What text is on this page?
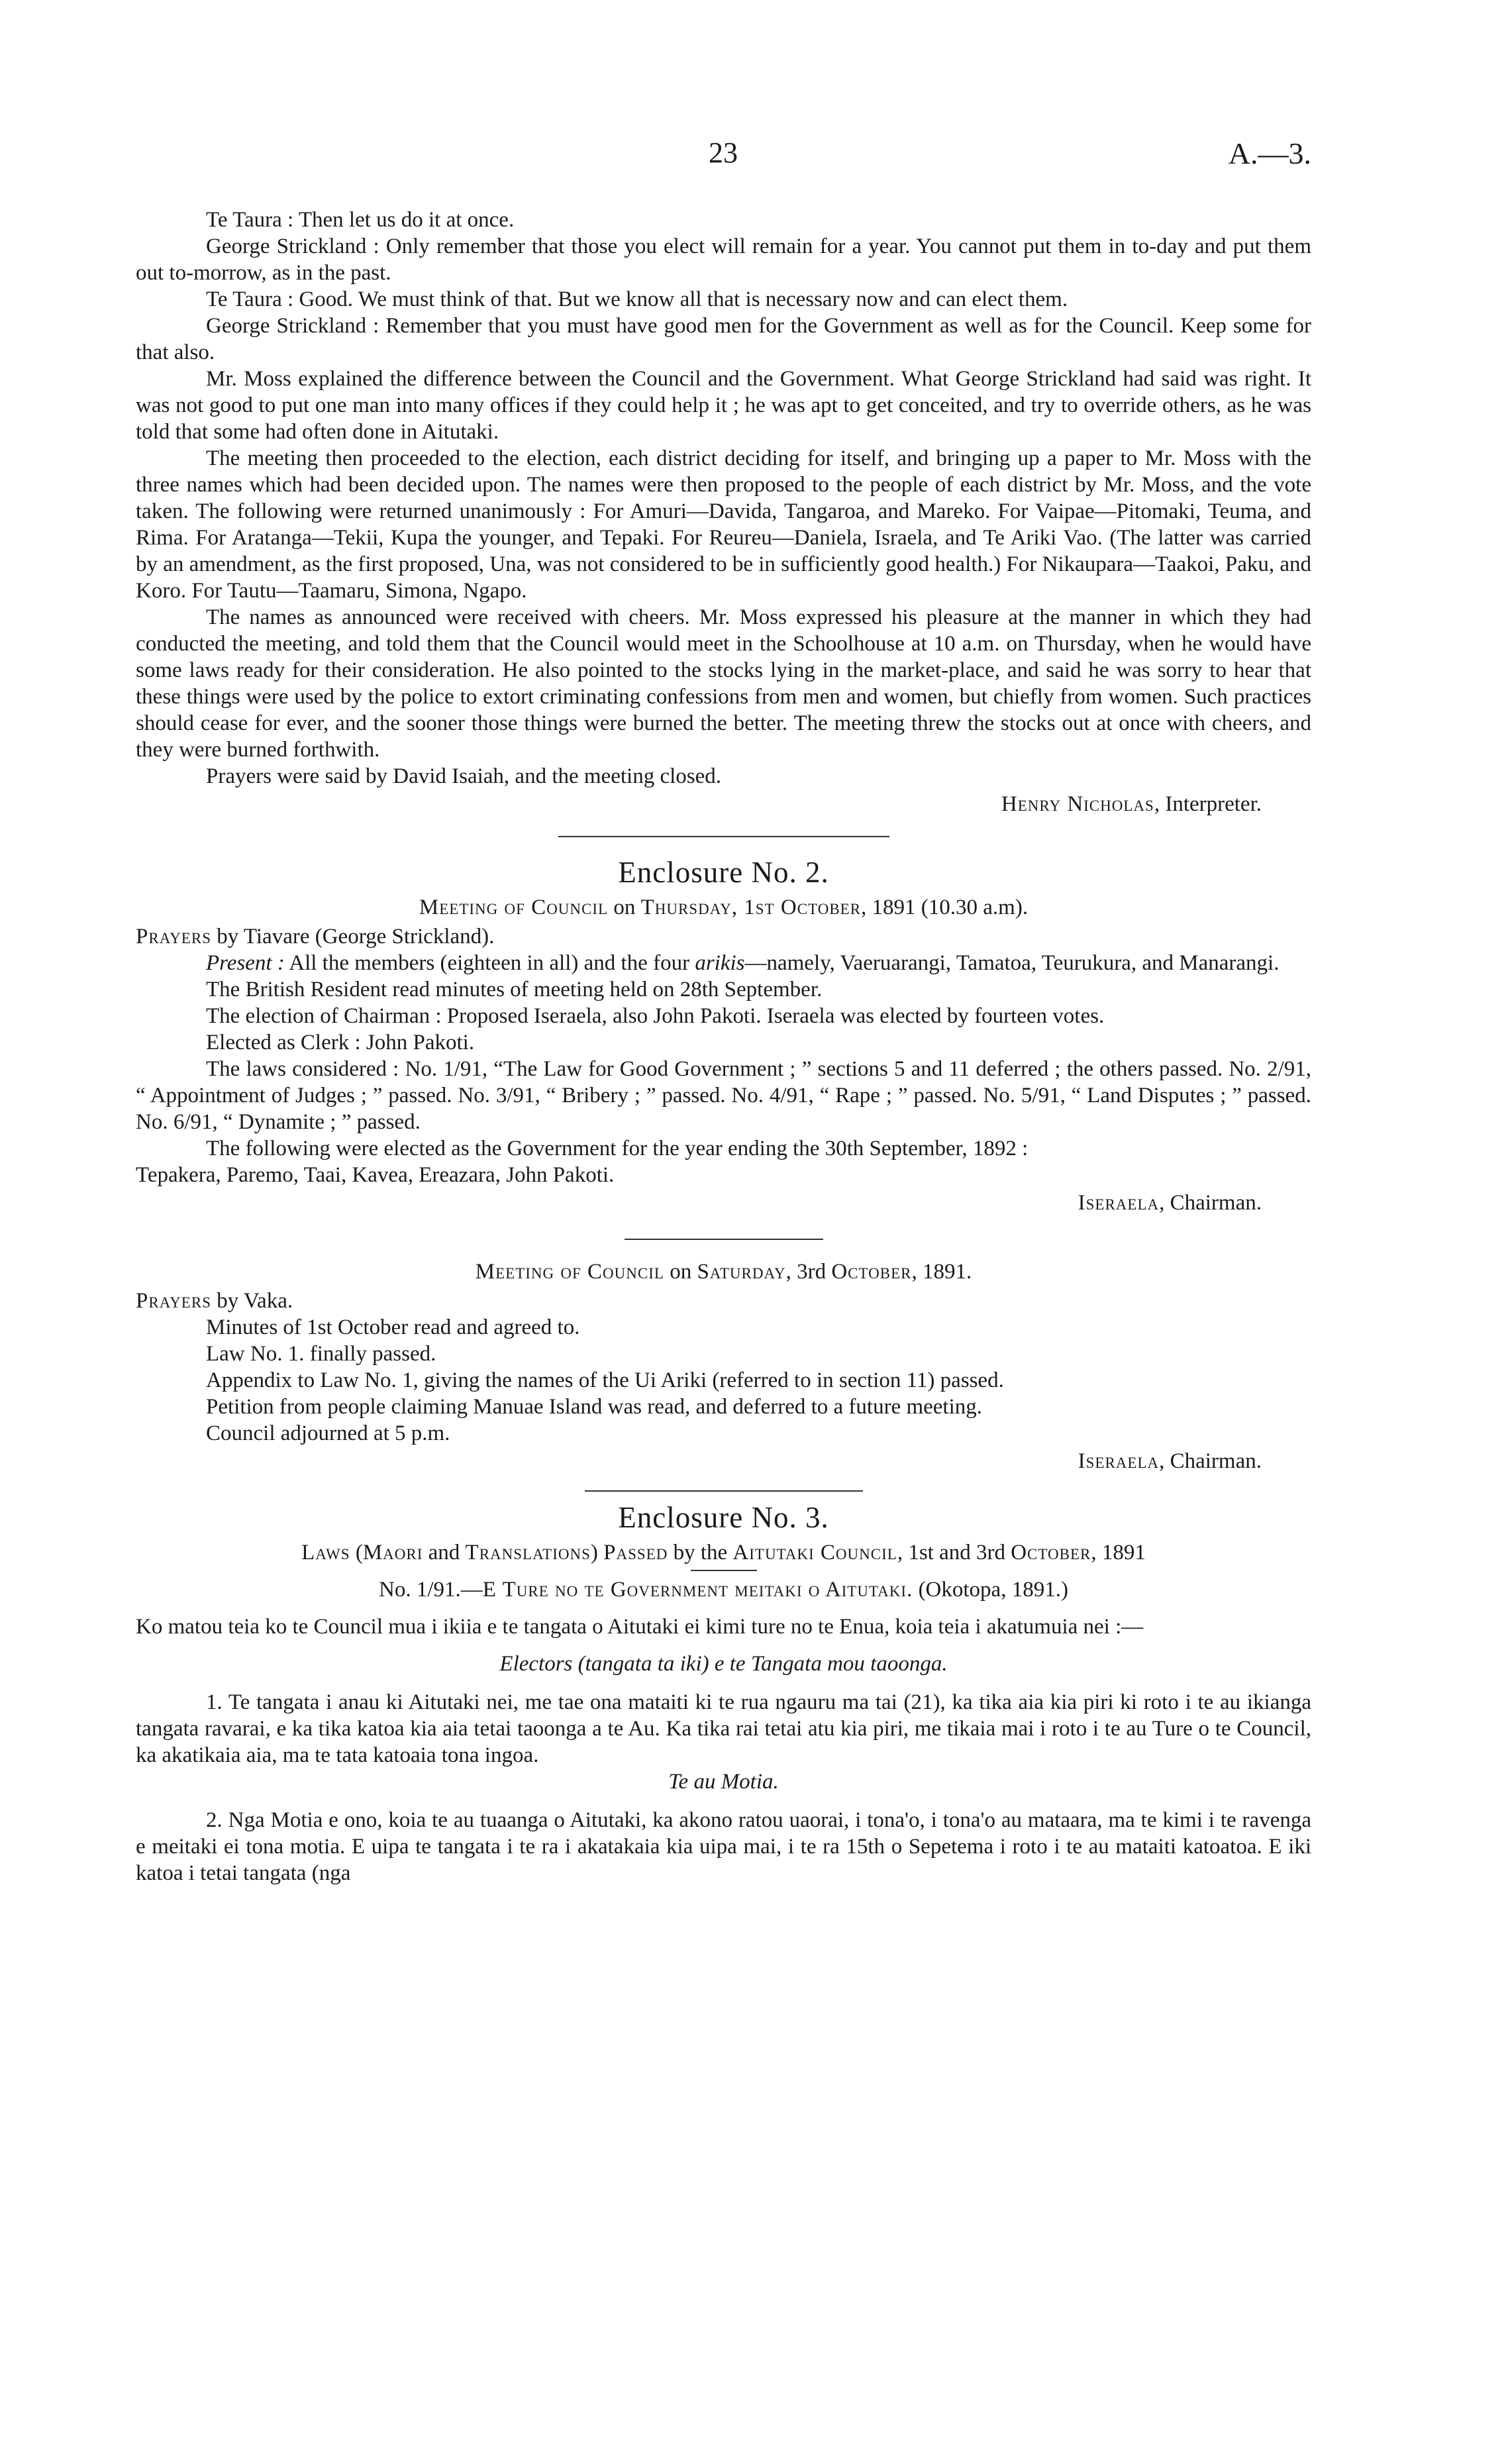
23	A.—3.

Te Taura : Then let us do it at once.

George Strickland : Only remember that those you elect will remain for a year. You cannot put them in to-day and put them out to-morrow, as in the past.

Te Taura : Good. We must think of that. But we know all that is necessary now and can elect them.

George Strickland : Remember that you must have good men for the Government as well as for the Council. Keep some for that also.

Mr. Moss explained the difference between the Council and the Government. What George Strickland had said was right. It was not good to put one man into many offices if they could help it ; he was apt to get conceited, and try to override others, as he was told that some had often done in Aitutaki.

The meeting then proceeded to the election, each district deciding for itself, and bringing up a paper to Mr. Moss with the three names which had been decided upon. The names were then proposed to the people of each district by Mr. Moss, and the vote taken. The following were returned unanimously : For Amuri—Davida, Tangaroa, and Mareko. For Vaipae—Pitomaki, Teuma, and Rima. For Aratanga—Tekii, Kupa the younger, and Tepaki. For Reureu—Daniela, Israela, and Te Ariki Vao. (The latter was carried by an amendment, as the first proposed, Una, was not considered to be in sufficiently good health.) For Nikaupara—Taakoi, Paku, and Koro. For Tautu—Taamaru, Simona, Ngapo.

The names as announced were received with cheers. Mr. Moss expressed his pleasure at the manner in which they had conducted the meeting, and told them that the Council would meet in the Schoolhouse at 10 a.m. on Thursday, when he would have some laws ready for their consideration. He also pointed to the stocks lying in the market-place, and said he was sorry to hear that these things were used by the police to extort criminating confessions from men and women, but chiefly from women. Such practices should cease for ever, and the sooner those things were burned the better. The meeting threw the stocks out at once with cheers, and they were burned forthwith.

Prayers were said by David Isaiah, and the meeting closed.

Henry Nicholas, Interpreter.

Enclosure No. 2.

Meeting of Council on Thursday, 1st October, 1891 (10.30 a.m).

Prayers by Tiavare (George Strickland).

Present : All the members (eighteen in all) and the four arikis—namely, Vaeruarangi, Tamatoa, Teurukura, and Manarangi.

The British Resident read minutes of meeting held on 28th September.

The election of Chairman : Proposed Iseraela, also John Pakoti. Iseraela was elected by fourteen votes.

Elected as Clerk : John Pakoti.

The laws considered : No. 1/91, “The Law for Good Government ; ” sections 5 and 11 deferred ; the others passed. No. 2/91, “ Appointment of Judges ; ” passed. No. 3/91, “ Bribery ; ” passed. No. 4/91, “ Rape ; ” passed. No. 5/91, “ Land Disputes ; ” passed. No. 6/91, “ Dynamite ; ” passed.

The following were elected as the Government for the year ending the 30th September, 1892 :

Tepakera, Paremo, Taai, Kavea, Ereazara, John Pakoti.

Iseraela, Chairman.

Meeting of Council on Saturday, 3rd October, 1891.

Prayers by Vaka.

Minutes of 1st October read and agreed to.

Law No. 1. finally passed.

Appendix to Law No. 1, giving the names of the Ui Ariki (referred to in section 11) passed.

Petition from people claiming Manuae Island was read, and deferred to a future meeting.

Council adjourned at 5 p.m.

Iseraela, Chairman.

Enclosure No. 3.

Laws (Maori and Translations) Passed by the Aitutaki Council, 1st and 3rd October, 1891

No. 1/91.—E Ture no te Government meitaki o Aitutaki. (Okotopa, 1891.)

Ko matou teia ko te Council mua i ikiia e te tangata o Aitutaki ei kimi ture no te Enua, koia teia i akatumuia nei :—

Electors (tangata ta iki) e te Tangata mou taoonga.

1. Te tangata i anau ki Aitutaki nei, me tae ona mataiti ki te rua ngauru ma tai (21), ka tika aia kia piri ki roto i te au ikianga tangata ravarai, e ka tika katoa kia aia tetai taoonga a te Au. Ka tika rai tetai atu kia piri, me tikaia mai i roto i te au Ture o te Council, ka akatikaia aia, ma te tata katoaia tona ingoa.

Te au Motia.

2. Nga Motia e ono, koia te au tuaanga o Aitutaki, ka akono ratou uaorai, i tona'o, i tona'o au mataara, ma te kimi i te ravenga e meitaki ei tona motia. E uipa te tangata i te ra i akatakaia kia uipa mai, i te ra 15th o Sepetema i roto i te au mataiti katoatoa. E iki katoa i tetai tangata (nga
